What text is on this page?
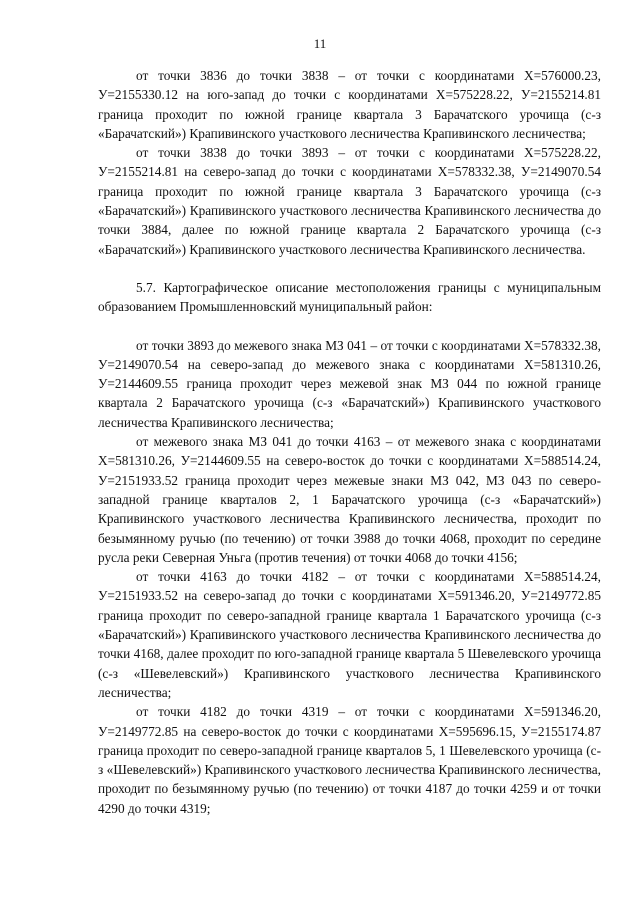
11

от точки 3836 до точки 3838 – от точки с координатами Х=576000.23, У=2155330.12 на юго-запад до точки с координатами Х=575228.22, У=2155214.81 граница проходит по южной границе квартала 3 Барачатского урочища (с-з «Барачатский») Крапивинского участкового лесничества Крапивинского лесничества;

от точки 3838 до точки 3893 – от точки с координатами Х=575228.22, У=2155214.81 на северо-запад до точки с координатами Х=578332.38, У=2149070.54 граница проходит по южной границе квартала 3 Барачатского урочища (с-з «Барачатский») Крапивинского участкового лесничества Крапивинского лесничества до точки 3884, далее по южной границе квартала 2 Барачатского урочища (с-з «Барачатский») Крапивинского участкового лесничества Крапивинского лесничества.

5.7. Картографическое описание местоположения границы с муниципальным образованием Промышленновский муниципальный район:

от точки 3893 до межевого знака МЗ 041 – от точки с координатами Х=578332.38, У=2149070.54 на северо-запад до межевого знака с координатами Х=581310.26, У=2144609.55 граница проходит через межевой знак МЗ 044 по южной границе квартала 2 Барачатского урочища (с-з «Барачатский») Крапивинского участкового лесничества Крапивинского лесничества;

от межевого знака МЗ 041 до точки 4163 – от межевого знака с координатами Х=581310.26, У=2144609.55 на северо-восток до точки с координатами Х=588514.24, У=2151933.52 граница проходит через межевые знаки МЗ 042, МЗ 043 по северо-западной границе кварталов 2, 1 Барачатского урочища (с-з «Барачатский») Крапивинского участкового лесничества Крапивинского лесничества, проходит по безымянному ручью (по течению) от точки 3988 до точки 4068, проходит по середине русла реки Северная Уньга (против течения) от точки 4068 до точки 4156;

от точки 4163 до точки 4182 – от точки с координатами Х=588514.24, У=2151933.52 на северо-запад до точки с координатами Х=591346.20, У=2149772.85 граница проходит по северо-западной границе квартала 1 Барачатского урочища (с-з «Барачатский») Крапивинского участкового лесничества Крапивинского лесничества до точки 4168, далее проходит по юго-западной границе квартала 5 Шевелевского урочища (с-з «Шевелевский») Крапивинского участкового лесничества Крапивинского лесничества;

от точки 4182 до точки 4319 – от точки с координатами Х=591346.20, У=2149772.85 на северо-восток до точки с координатами Х=595696.15, У=2155174.87 граница проходит по северо-западной границе кварталов 5, 1 Шевелевского урочища (с-з «Шевелевский») Крапивинского участкового лесничества Крапивинского лесничества, проходит по безымянному ручью (по течению) от точки 4187 до точки 4259 и от точки 4290 до точки 4319;
